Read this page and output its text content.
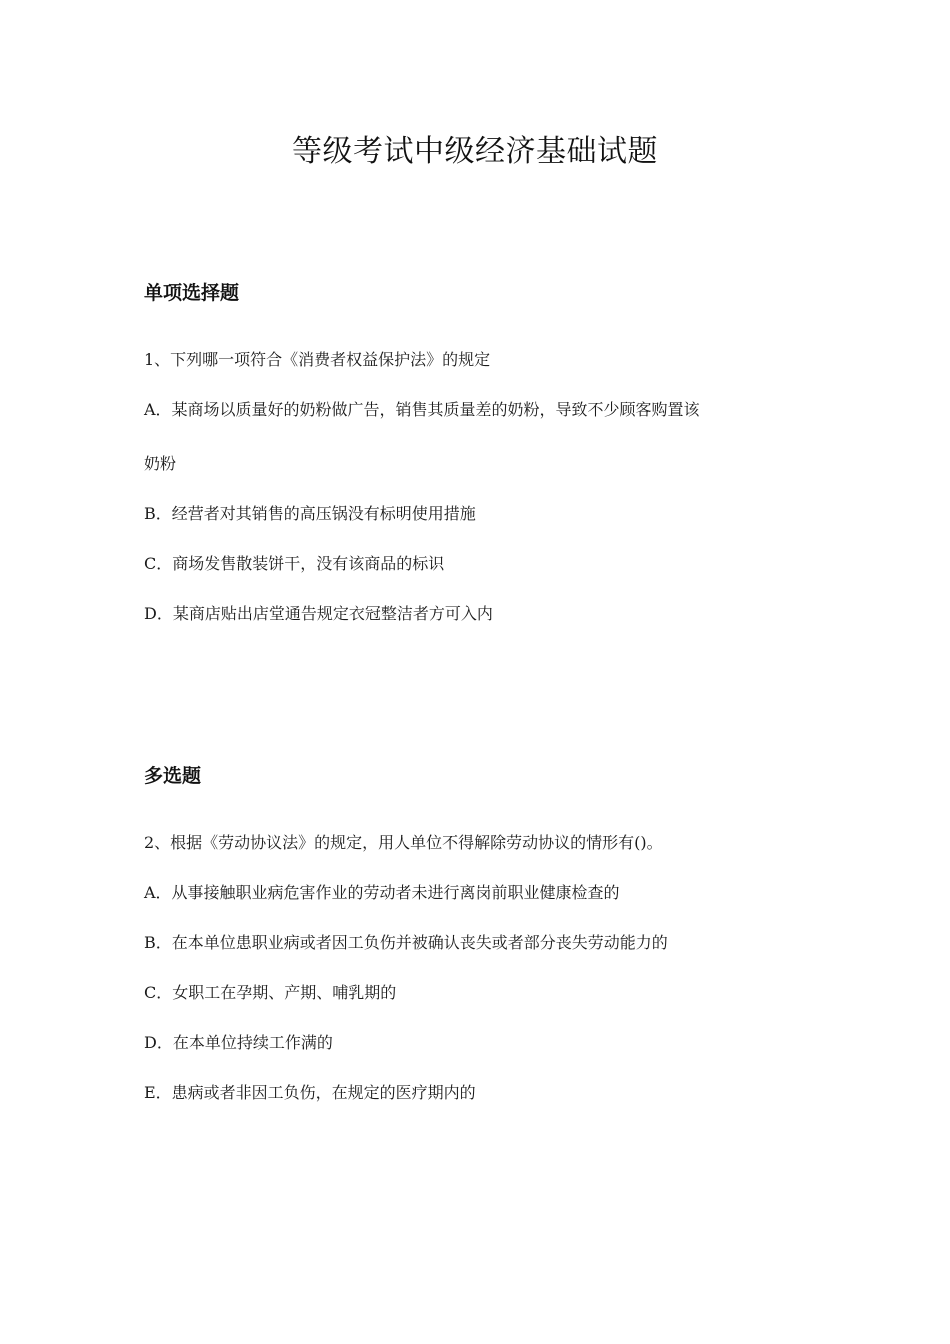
等级考试中级经济基础试题
单项选择题
1、下列哪一项符合《消费者权益保护法》的规定
A．某商场以质量好的奶粉做广告，销售其质量差的奶粉，导致不少顾客购置该
奶粉
B．经营者对其销售的高压锅没有标明使用措施
C．商场发售散装饼干，没有该商品的标识
D．某商店贴出店堂通告规定衣冠整洁者方可入内
多选题
2、根据《劳动协议法》的规定，用人单位不得解除劳动协议的情形有()。
A．从事接触职业病危害作业的劳动者未进行离岗前职业健康检查的
B．在本单位患职业病或者因工负伤并被确认丧失或者部分丧失劳动能力的
C．女职工在孕期、产期、哺乳期的
D．在本单位持续工作满的
E．患病或者非因工负伤，在规定的医疗期内的
